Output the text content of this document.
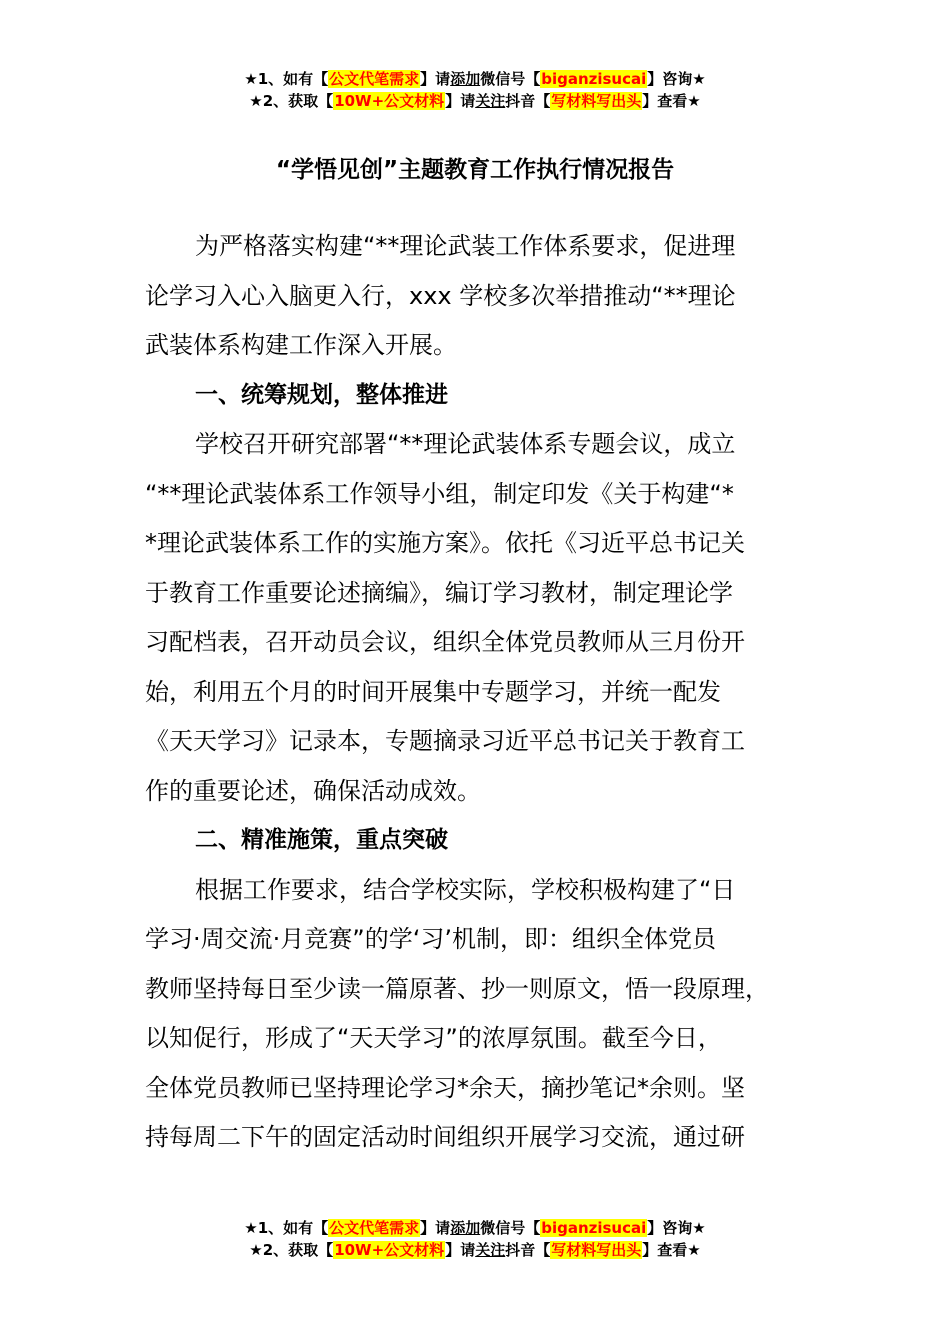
★1、如有【公文代笔需求】请添加微信号【biganzisucai】咨询★
★2、获取【10W+公文材料】请关注抖音【写材料写出头】查看★
“学悟见创”主题教育工作执行情况报告
为严格落实构建“**理论武装工作体系要求，促进理
论学习入心入脑更入行，xxx 学校多次举措推动“**理论
武装体系构建工作深入开展。
一、统筹规划，整体推进
学校召开研究部署“**理论武装体系专题会议，成立
“**理论武装体系工作领导小组，制定印发《关于构建“*
*理论武装体系工作的实施方案》。依托《习近平总书记关
于教育工作重要论述摘编》，编订学习教材，制定理论学
习配档表，召开动员会议，组织全体党员教师从三月份开
始，利用五个月的时间开展集中专题学习，并统一配发
《天天学习》记录本，专题摘录习近平总书记关于教育工
作的重要论述，确保活动成效。
二、精准施策，重点突破
根据工作要求，结合学校实际，学校积极构建了“日
学习·周交流·月竞赛”的学‘习’机制，即：组织全体党员
教师坚持每日至少读一篇原著、抄一则原文，悟一段原理，
以知促行，形成了“天天学习”的浓厚氛围。截至今日，
全体党员教师已坚持理论学习*余天，摘抄笔记*余则。坚
持每周二下午的固定活动时间组织开展学习交流，通过研
★1、如有【公文代笔需求】请添加微信号【biganzisucai】咨询★
★2、获取【10W+公文材料】请关注抖音【写材料写出头】查看★
